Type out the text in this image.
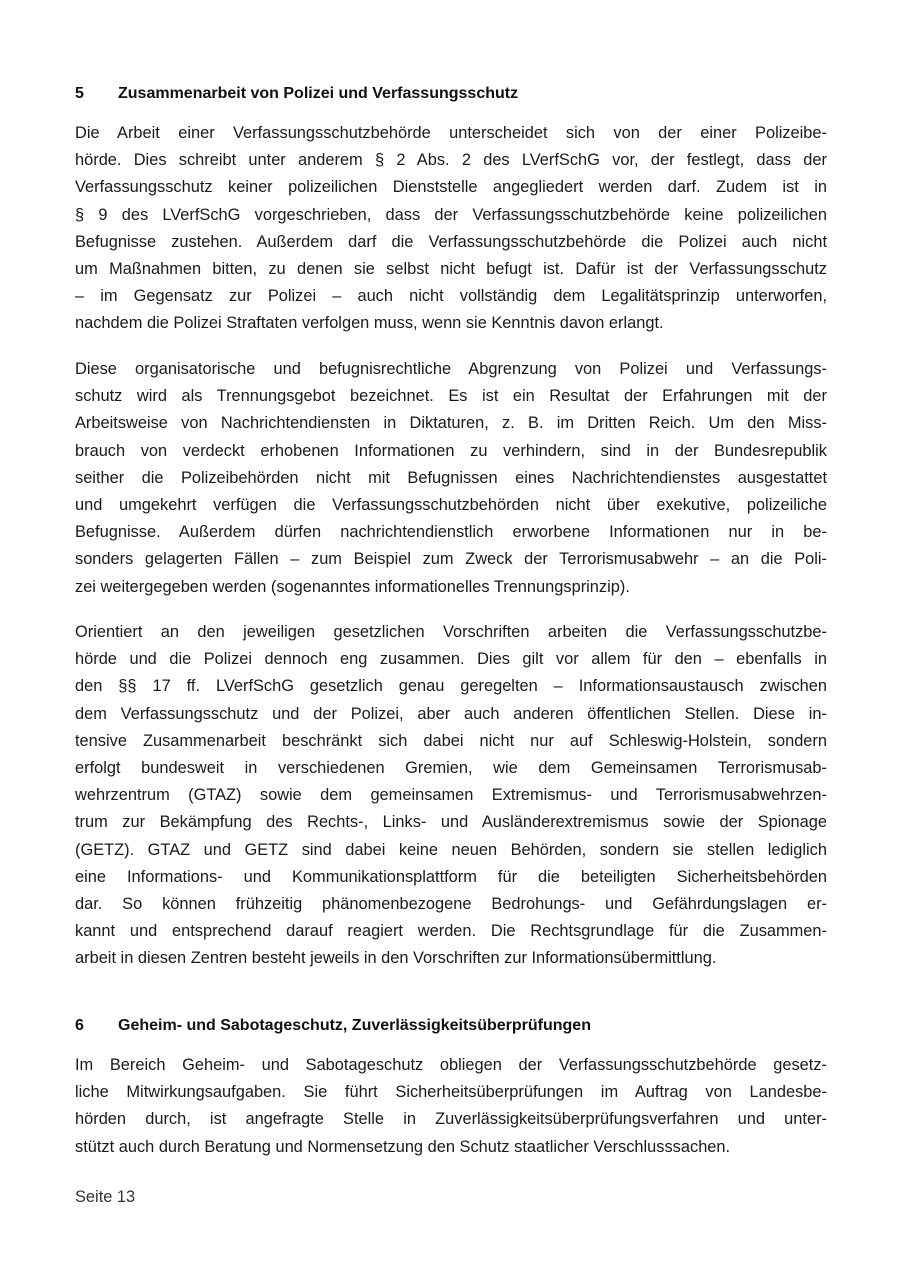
5	Zusammenarbeit von Polizei und Verfassungsschutz

Die Arbeit einer Verfassungsschutzbehörde unterscheidet sich von der einer Polizeibe-
hörde. Dies schreibt unter anderem § 2 Abs. 2 des LVerfSchG vor, der festlegt, dass der
Verfassungsschutz keiner polizeilichen Dienststelle angegliedert werden darf. Zudem ist in
§ 9 des LVerfSchG vorgeschrieben, dass der Verfassungsschutzbehörde keine polizeilichen
Befugnisse zustehen. Außerdem darf die Verfassungsschutzbehörde die Polizei auch nicht
um Maßnahmen bitten, zu denen sie selbst nicht befugt ist. Dafür ist der Verfassungsschutz
– im Gegensatz zur Polizei – auch nicht vollständig dem Legalitätsprinzip unterworfen,
nachdem die Polizei Straftaten verfolgen muss, wenn sie Kenntnis davon erlangt.

Diese organisatorische und befugnisrechtliche Abgrenzung von Polizei und Verfassungs-
schutz wird als Trennungsgebot bezeichnet. Es ist ein Resultat der Erfahrungen mit der
Arbeitsweise von Nachrichtendiensten in Diktaturen, z. B. im Dritten Reich. Um den Miss-
brauch von verdeckt erhobenen Informationen zu verhindern, sind in der Bundesrepublik
seither die Polizeibehörden nicht mit Befugnissen eines Nachrichtendienstes ausgestattet
und umgekehrt verfügen die Verfassungsschutzbehörden nicht über exekutive, polizeiliche
Befugnisse. Außerdem dürfen nachrichtendienstlich erworbene Informationen nur in be-
sonders gelagerten Fällen – zum Beispiel zum Zweck der Terrorismusabwehr – an die Poli-
zei weitergegeben werden (sogenanntes informationelles Trennungsprinzip).

Orientiert an den jeweiligen gesetzlichen Vorschriften arbeiten die Verfassungsschutzbe-
hörde und die Polizei dennoch eng zusammen. Dies gilt vor allem für den – ebenfalls in
den §§ 17 ff. LVerfSchG gesetzlich genau geregelten – Informationsaustausch zwischen
dem Verfassungsschutz und der Polizei, aber auch anderen öffentlichen Stellen. Diese in-
tensive Zusammenarbeit beschränkt sich dabei nicht nur auf Schleswig-Holstein, sondern
erfolgt bundesweit in verschiedenen Gremien, wie dem Gemeinsamen Terrorismusab-
wehrzentrum (GTAZ) sowie dem gemeinsamen Extremismus- und Terrorismusabwehrzen-
trum zur Bekämpfung des Rechts-, Links- und Ausländerextremismus sowie der Spionage
(GETZ). GTAZ und GETZ sind dabei keine neuen Behörden, sondern sie stellen lediglich
eine Informations- und Kommunikationsplattform für die beteiligten Sicherheitsbehörden
dar. So können frühzeitig phänomenbezogene Bedrohungs- und Gefährdungslagen er-
kannt und entsprechend darauf reagiert werden. Die Rechtsgrundlage für die Zusammen-
arbeit in diesen Zentren besteht jeweils in den Vorschriften zur Informationsübermittlung.

6	Geheim- und Sabotageschutz, Zuverlässigkeitsüberprüfungen

Im Bereich Geheim- und Sabotageschutz obliegen der Verfassungsschutzbehörde gesetz-
liche Mitwirkungsaufgaben. Sie führt Sicherheitsüberprüfungen im Auftrag von Landesbe-
hörden durch, ist angefragte Stelle in Zuverlässigkeitsüberprüfungsverfahren und unter-
stützt auch durch Beratung und Normensetzung den Schutz staatlicher Verschlusssachen.

Seite 13
